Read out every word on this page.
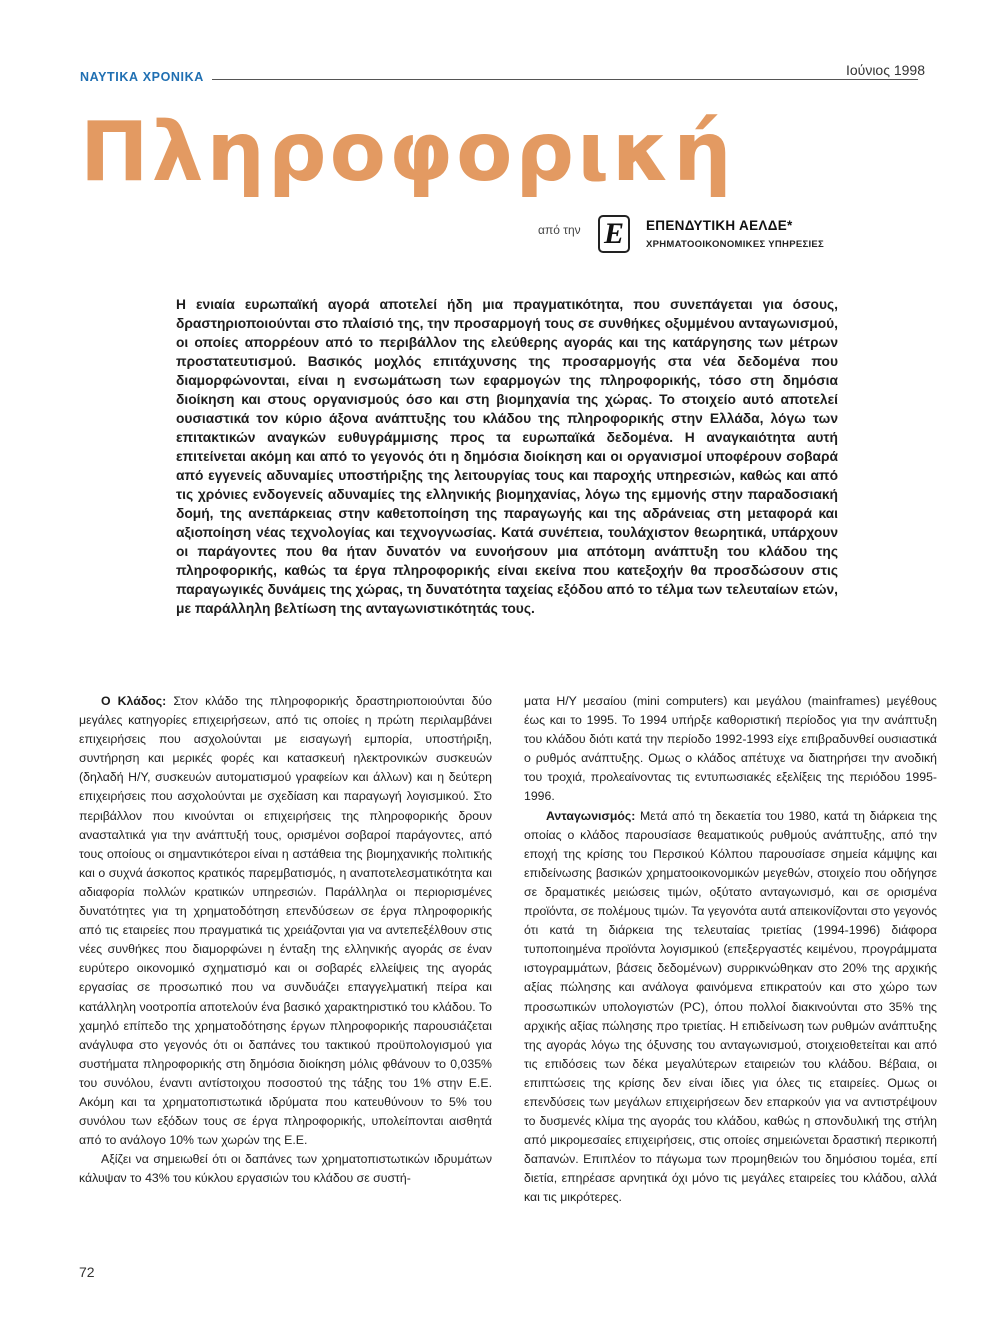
ΝΑΥΤΙΚΑ ΧΡΟΝΙΚΑ	Ιούνιος 1998
Πληροφορική
από την E	ΕΠΕΝΔΥΤΙΚΗ ΑΕΛΔΕ*
ΧΡΗΜΑΤΟΟΙΚΟΝΟΜΙΚΕΣ ΥΠΗΡΕΣΙΕΣ

Η ενιαία ευρωπαϊκή αγορά αποτελεί ήδη μια πραγματικότητα, που συνεπάγεται για όσους, δραστηριοποιούνται στο πλαίσιό της, την προσαρμογή τους σε συνθήκες οξυμμένου ανταγωνισμού, οι οποίες απορρέουν από το περιβάλλον της ελεύθερης αγοράς και της κατάργησης των μέτρων προστατευτισμού. Βασικός μοχλός επιτάχυνσης της προσαρμογής στα νέα δεδομένα που διαμορφώνονται, είναι η ενσωμάτωση των εφαρμογών της πληροφορικής, τόσο στη δημόσια διοίκηση και στους οργανισμούς όσο και στη βιομηχανία της χώρας. Το στοιχείο αυτό αποτελεί ουσιαστικά τον κύριο άξονα ανάπτυξης του κλάδου της πληροφορικής στην Ελλάδα, λόγω των επιτακτικών αναγκών ευθυγράμμισης προς τα ευρωπαϊκά δεδομένα. Η αναγκαιότητα αυτή επιτείνεται ακόμη και από το γεγονός ότι η δημόσια διοίκηση και οι οργανισμοί υποφέρουν σοβαρά από εγγενείς αδυναμίες υποστήριξης της λειτουργίας τους και παροχής υπηρεσιών, καθώς και από τις χρόνιες ενδογενείς αδυναμίες της ελληνικής βιομηχανίας, λόγω της εμμονής στην παραδοσιακή δομή, της ανεπάρκειας στην καθετοποίηση της παραγωγής και της αδράνειας στη μεταφορά και αξιοποίηση νέας τεχνολογίας και τεχνογνωσίας. Κατά συνέπεια, τουλάχιστον θεωρητικά, υπάρχουν οι παράγοντες που θα ήταν δυνατόν να ευνοήσουν μια απότομη ανάπτυξη του κλάδου της πληροφορικής, καθώς τα έργα πληροφορικής είναι εκείνα που κατεξοχήν θα προσδώσουν στις παραγωγικές δυνάμεις της χώρας, τη δυνατότητα ταχείας εξόδου από το τέλμα των τελευταίων ετών, με παράλληλη βελτίωση της ανταγωνιστικότητάς τους.

Ο Κλάδος: Στον κλάδο της πληροφορικής δραστηριοποιούνται δύο μεγάλες κατηγορίες επιχειρήσεων, από τις οποίες η πρώτη περιλαμβάνει επιχειρήσεις που ασχολούνται με εισαγωγή εμπορία, υποστήριξη, συντήρηση και μερικές φορές και κατασκευή ηλεκτρονικών συσκευών (δηλαδή Η/Υ, συσκευών αυτοματισμού γραφείων και άλλων) και η δεύτερη επιχειρήσεις που ασχολούνται με σχεδίαση και παραγωγή λογισμικού. Στο περιβάλλον που κινούνται οι επιχειρήσεις της πληροφορικής δρουν ανασταλτικά για την ανάπτυξή τους, ορισμένοι σοβαροί παράγοντες, από τους οποίους οι σημαντικότεροι είναι η αστάθεια της βιομηχανικής πολιτικής και ο συχνά άσκοπος κρατικός παρεμβατισμός, η αναποτελεσματικότητα και αδιαφορία πολλών κρατικών υπηρεσιών. Παράλληλα οι περιορισμένες δυνατότητες για τη χρηματοδότηση επενδύσεων σε έργα πληροφορικής από τις εταιρείες που πραγματικά τις χρειάζονται για να αντεπεξέλθουν στις νέες συνθήκες που διαμορφώνει η ένταξη της ελληνικής αγοράς σε έναν ευρύτερο οικονομικό σχηματισμό και οι σοβαρές ελλείψεις της αγοράς εργασίας σε προσωπικό που να συνδυάζει επαγγελματική πείρα και κατάλληλη νοοτροπία αποτελούν ένα βασικό χαρακτηριστικό του κλάδου. Το χαμηλό επίπεδο της χρηματοδότησης έργων πληροφορικής παρουσιάζεται ανάγλυφα στο γεγονός ότι οι δαπάνες του τακτικού προϋπολογισμού για συστήματα πληροφορικής στη δημόσια διοίκηση μόλις φθάνουν το 0,035% του συνόλου, έναντι αντίστοιχου ποσοστού της τάξης του 1% στην Ε.Ε. Ακόμη και τα χρηματοπιστωτικά ιδρύματα που κατευθύνουν το 5% του συνόλου των εξόδων τους σε έργα πληροφορικής, υπολείπονται αισθητά από το ανάλογο 10% των χωρών της Ε.Ε.

Αξίζει να σημειωθεί ότι οι δαπάνες των χρηματοπιστωτικών ιδρυμάτων κάλυψαν το 43% του κύκλου εργασιών του κλάδου σε συστή-

ματα Η/Υ μεσαίου (mini computers) και μεγάλου (mainframes) μεγέθους έως και το 1995. Το 1994 υπήρξε καθοριστική περίοδος για την ανάπτυξη του κλάδου διότι κατά την περίοδο 1992-1993 είχε επιβραδυνθεί ουσιαστικά ο ρυθμός ανάπτυξης. Ομως ο κλάδος απέτυχε να διατηρήσει την ανοδική του τροχιά, προλεαίνοντας τις εντυπωσιακές εξελίξεις της περιόδου 1995-1996.

Ανταγωνισμός: Μετά από τη δεκαετία του 1980, κατά τη διάρκεια της οποίας ο κλάδος παρουσίασε θεαματικούς ρυθμούς ανάπτυξης, από την εποχή της κρίσης του Περσικού Κόλπου παρουσίασε σημεία κάμψης και επιδείνωσης βασικών χρηματοοικονομικών μεγεθών, στοιχείο που οδήγησε σε δραματικές μειώσεις τιμών, οξύτατο ανταγωνισμό, και σε ορισμένα προϊόντα, σε πολέμους τιμών. Τα γεγονότα αυτά απεικονίζονται στο γεγονός ότι κατά τη διάρκεια της τελευταίας τριετίας (1994-1996) διάφορα τυποποιημένα προϊόντα λογισμικού (επεξεργαστές κειμένου, προγράμματα ιστογραμμάτων, βάσεις δεδομένων) συρρικνώθηκαν στο 20% της αρχικής αξίας πώλησης και ανάλογα φαινόμενα επικρατούν και στο χώρο των προσωπικών υπολογιστών (PC), όπου πολλοί διακινούνται στο 35% της αρχικής αξίας πώλησης προ τριετίας. Η επιδείνωση των ρυθμών ανάπτυξης της αγοράς λόγω της όξυνσης του ανταγωνισμού, στοιχειοθετείται και από τις επιδόσεις των δέκα μεγαλύτερων εταιρειών του κλάδου. Βέβαια, οι επιπτώσεις της κρίσης δεν είναι ίδιες για όλες τις εταιρείες. Ομως οι επενδύσεις των μεγάλων επιχειρήσεων δεν επαρκούν για να αντιστρέψουν το δυσμενές κλίμα της αγοράς του κλάδου, καθώς η σπονδυλική της στήλη από μικρομεσαίες επιχειρήσεις, στις οποίες σημειώνεται δραστική περικοπή δαπανών. Επιπλέον το πάγωμα των προμηθειών του δημόσιου τομέα, επί διετία, επηρέασε αρνητικά όχι μόνο τις μεγάλες εταιρείες του κλάδου, αλλά και τις μικρότερες.

72
